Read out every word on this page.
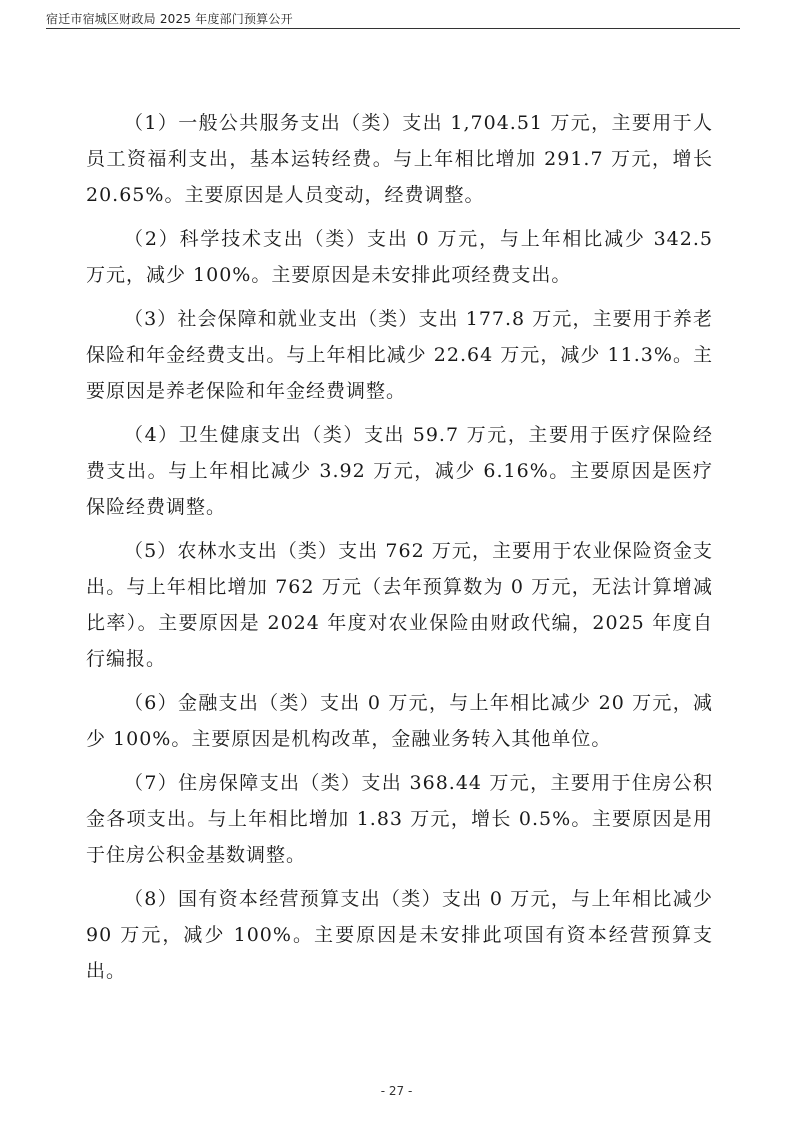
宿迁市宿城区财政局 2025 年度部门预算公开

（1）一般公共服务支出（类）支出 1,704.51 万元，主要用于人员工资福利支出，基本运转经费。与上年相比增加 291.7 万元，增长 20.65%。主要原因是人员变动，经费调整。

（2）科学技术支出（类）支出 0 万元，与上年相比减少 342.5 万元，减少 100%。主要原因是未安排此项经费支出。

（3）社会保障和就业支出（类）支出 177.8 万元，主要用于养老保险和年金经费支出。与上年相比减少 22.64 万元，减少 11.3%。主要原因是养老保险和年金经费调整。

（4）卫生健康支出（类）支出 59.7 万元，主要用于医疗保险经费支出。与上年相比减少 3.92 万元，减少 6.16%。主要原因是医疗保险经费调整。

（5）农林水支出（类）支出 762 万元，主要用于农业保险资金支出。与上年相比增加 762 万元（去年预算数为 0 万元，无法计算增减比率）。主要原因是 2024 年度对农业保险由财政代编，2025 年度自行编报。

（6）金融支出（类）支出 0 万元，与上年相比减少 20 万元，减少 100%。主要原因是机构改革，金融业务转入其他单位。

（7）住房保障支出（类）支出 368.44 万元，主要用于住房公积金各项支出。与上年相比增加 1.83 万元，增长 0.5%。主要原因是用于住房公积金基数调整。

（8）国有资本经营预算支出（类）支出 0 万元，与上年相比减少 90 万元，减少 100%。主要原因是未安排此项国有资本经营预算支出。

- 27 -
